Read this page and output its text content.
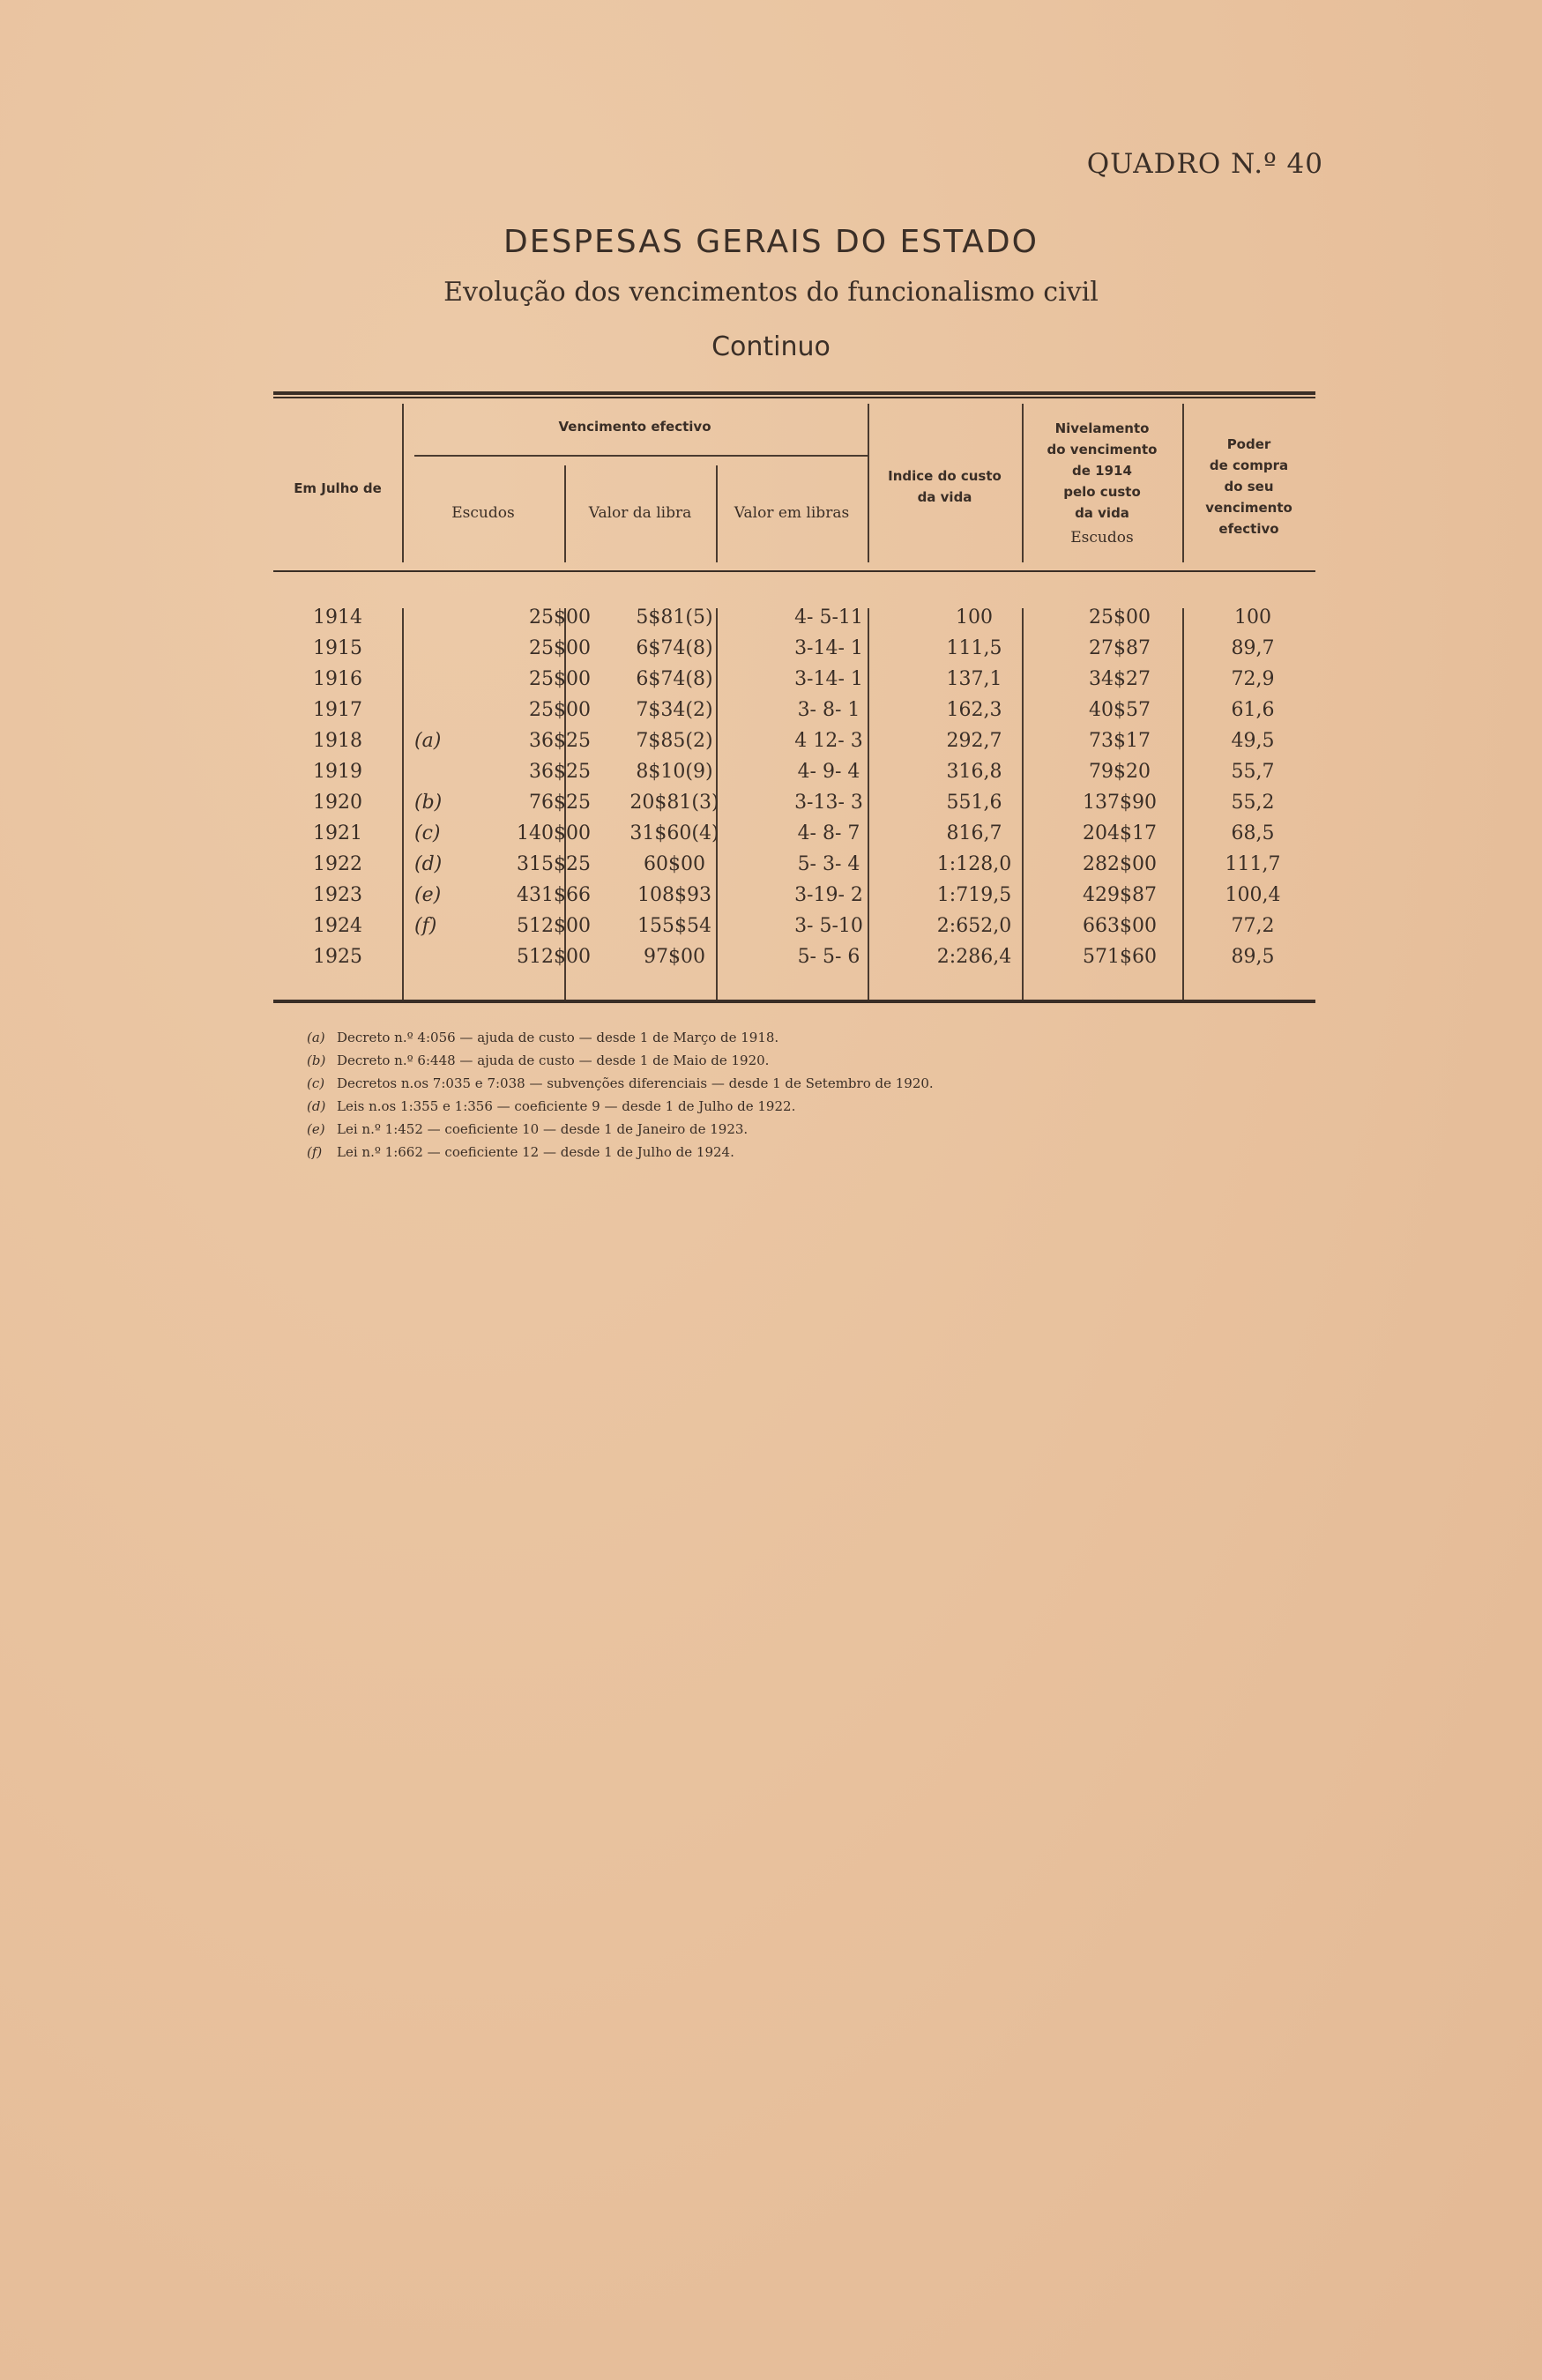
QUADRO N.º 40
DESPESAS GERAIS DO ESTADO
Evolução dos vencimentos do funcionalismo civil
Continuo
Em Julho de
Vencimento efectivo
Escudos	Valor da libra	Valor em libras
Indice do custo
da vida
Nivelamento
do vencimento
de 1914
pelo custo
da vida
Escudos
Poder
de compra
do seu
vencimento
efectivo
1914	25$00	5$81(5)	4- 5-11	100	25$00	100
1915	25$00	6$74(8)	3-14- 1	111,5	27$87	89,7
1916	25$00	6$74(8)	3-14- 1	137,1	34$27	72,9
1917	25$00	7$34(2)	3- 8- 1	162,3	40$57	61,6
1918	(a)	36$25	7$85(2)	4 12- 3	292,7	73$17	49,5
1919	36$25	8$10(9)	4- 9- 4	316,8	79$20	55,7
1920	(b)	76$25	20$81(3)	3-13- 3	551,6	137$90	55,2
1921	(c)	140$00	31$60(4)	4- 8- 7	816,7	204$17	68,5
1922	(d)	315$25	60$00	5- 3- 4	1:128,0	282$00	111,7
1923	(e)	431$66	108$93	3-19- 2	1:719,5	429$87	100,4
1924	(f)	512$00	155$54	3- 5-10	2:652,0	663$00	77,2
1925	512$00	97$00	5- 5- 6	2:286,4	571$60	89,5
(a) Decreto n.º 4:056 — ajuda de custo — desde 1 de Março de 1918.
(b) Decreto n.º 6:448 — ajuda de custo — desde 1 de Maio de 1920.
(c) Decretos n.os 7:035 e 7:038 — subvenções diferenciais — desde 1 de Setembro de 1920.
(d) Leis n.os 1:355 e 1:356 — coeficiente 9 — desde 1 de Julho de 1922.
(e) Lei n.º 1:452 — coeficiente 10 — desde 1 de Janeiro de 1923.
(f) Lei n.º 1:662 — coeficiente 12 — desde 1 de Julho de 1924.
